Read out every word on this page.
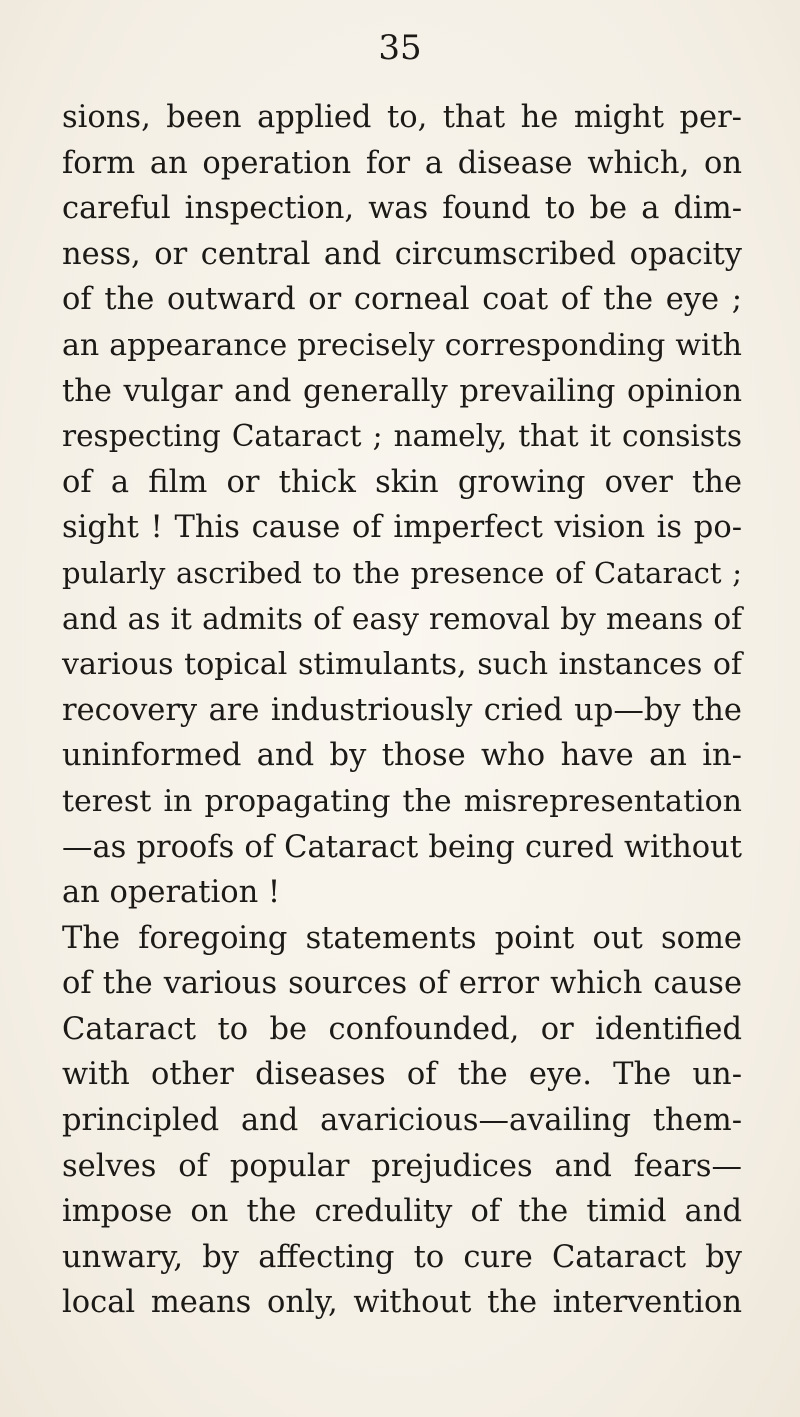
35
sions, been applied to, that he might per-
form an operation for a disease which, on
careful inspection, was found to be a dim-
ness, or central and circumscribed opacity
of the outward or corneal coat of the eye ;
an appearance precisely corresponding with
the vulgar and generally prevailing opinion
respecting Cataract ; namely, that it consists
of a film or thick skin growing over the
sight ! This cause of imperfect vision is po-
pularly ascribed to the presence of Cataract ;
and as it admits of easy removal by means of
various topical stimulants, such instances of
recovery are industriously cried up—by the
uninformed and by those who have an in-
terest in propagating the misrepresentation
—as proofs of Cataract being cured without
an operation !
The foregoing statements point out some
of the various sources of error which cause
Cataract to be confounded, or identified
with other diseases of the eye. The un-
principled and avaricious—availing them-
selves of popular prejudices and fears—
impose on the credulity of the timid and
unwary, by affecting to cure Cataract by
local means only, without the intervention
